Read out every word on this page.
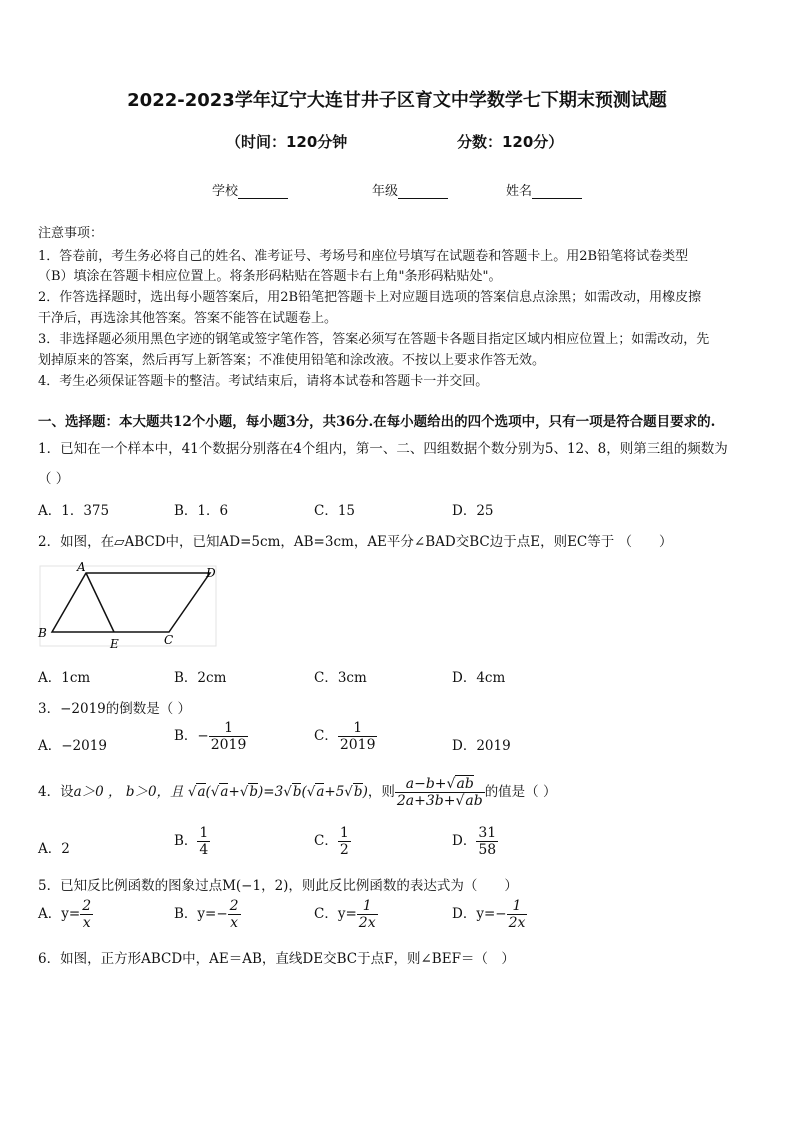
2022-2023学年辽宁大连甘井子区育文中学数学七下期末预测试题
（时间：120分钟	分数：120分）
学校	年级	姓名
注意事项：
1．答卷前，考生务必将自己的姓名、准考证号、考场号和座位号填写在试题卷和答题卡上。用2B铅笔将试卷类型
（B）填涂在答题卡相应位置上。将条形码粘贴在答题卡右上角"条形码粘贴处"。
2．作答选择题时，选出每小题答案后，用2B铅笔把答题卡上对应题目选项的答案信息点涂黑；如需改动，用橡皮擦
干净后，再选涂其他答案。答案不能答在试题卷上。
3．非选择题必须用黑色字迹的钢笔或签字笔作答，答案必须写在答题卡各题目指定区域内相应位置上；如需改动，先
划掉原来的答案，然后再写上新答案；不准使用铅笔和涂改液。不按以上要求作答无效。
4．考生必须保证答题卡的整洁。考试结束后，请将本试卷和答题卡一并交回。
一、选择题：本大题共12个小题，每小题3分，共36分.在每小题给出的四个选项中，只有一项是符合题目要求的.
1．已知在一个样本中，41个数据分别落在4个组内，第一、二、四组数据个数分别为5、12、8，则第三组的频数为
（ ）
A．1．375	B．1．6	C．15	D．25
2．如图，在▱ABCD中，已知AD=5cm，AB=3cm，AE平分∠BAD交BC边于点E，则EC等于 （　　）
A	D
B
E	C
A．1cm	B．2cm	C．3cm	D．4cm
3．−2019的倒数是（ ）
A．−2019
B．− $\frac{1}{2019}$	C． $\frac{1}{2019}$	D．2019
4．设a＞0 ， b＞0，且 √a(√a+√b)=3√b(√a+5√b)，则 $\frac{a-b+√ab}{2a+3b+√ab}$ 的值是（ ）
A．2	B． $\frac{1}{4}$	C． $\frac{1}{2}$	D． $\frac{31}{58}$
5．已知反比例函数的图象过点M(−1，2)，则此反比例函数的表达式为（　　）
A．$y= \frac{2}{x}$	B．$y=- \frac{2}{x}$	C．$y= \frac{1}{2x}$	D．$y=- \frac{1}{2x}$
6．如图，正方形ABCD中，AE＝AB，直线DE交BC于点F，则∠BEF＝（　）
